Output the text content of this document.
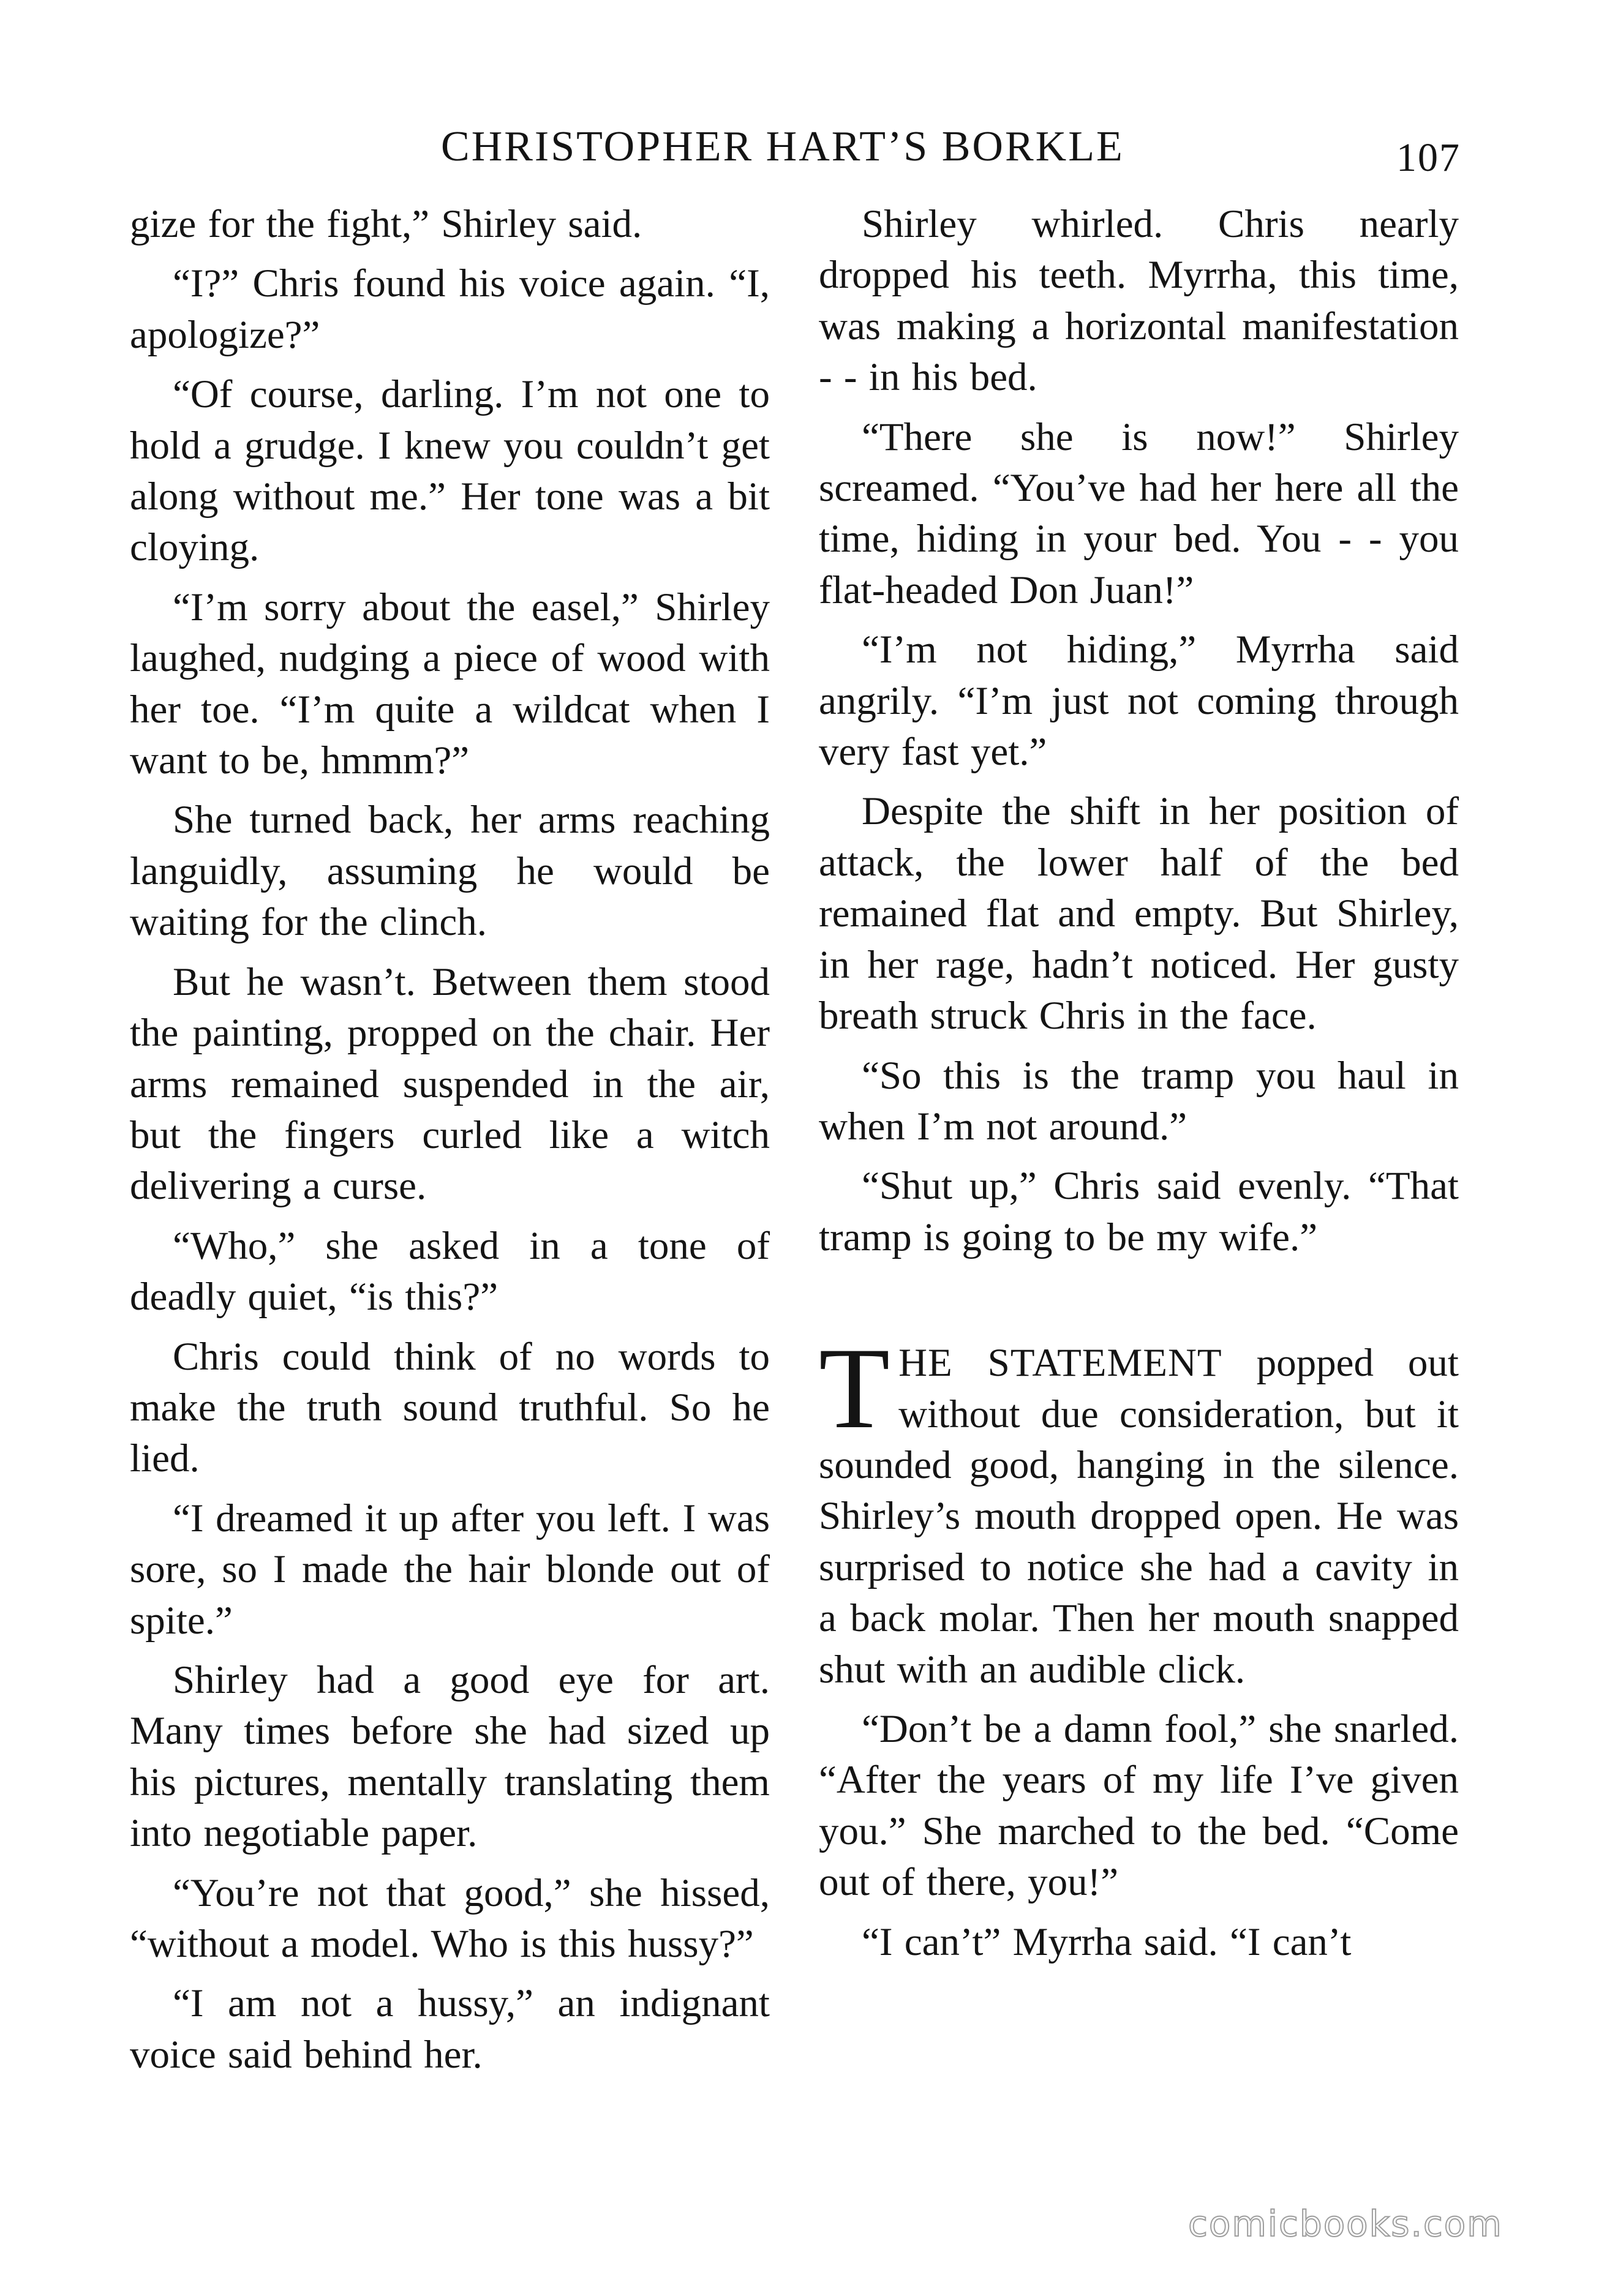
CHRISTOPHER HART’S BORKLE	107

gize for the fight,” Shirley said.

“I?” Chris found his voice again. “I, apologize?”

“Of course, darling. I’m not one to hold a grudge. I knew you couldn’t get along without me.” Her tone was a bit cloying.

“I’m sorry about the easel,” Shirley laughed, nudging a piece of wood with her toe. “I’m quite a wildcat when I want to be, hmmm?”

She turned back, her arms reaching languidly, assuming he would be waiting for the clinch.

But he wasn’t. Between them stood the painting, propped on the chair. Her arms remained suspended in the air, but the fingers curled like a witch delivering a curse.

“Who,” she asked in a tone of deadly quiet, “is this?”

Chris could think of no words to make the truth sound truthful. So he lied.

“I dreamed it up after you left. I was sore, so I made the hair blonde out of spite.”

Shirley had a good eye for art. Many times before she had sized up his pictures, mentally translating them into negotiable paper.

“You’re not that good,” she hissed, “without a model. Who is this hussy?”

“I am not a hussy,” an indignant voice said behind her.

Shirley whirled. Chris nearly dropped his teeth. Myrrha, this time, was making a horizontal manifestation - - in his bed.

“There she is now!” Shirley screamed. “You’ve had her here all the time, hiding in your bed. You - - you flat-headed Don Juan!”

“I’m not hiding,” Myrrha said angrily. “I’m just not coming through very fast yet.”

Despite the shift in her position of attack, the lower half of the bed remained flat and empty. But Shirley, in her rage, hadn’t noticed. Her gusty breath struck Chris in the face.

“So this is the tramp you haul in when I’m not around.”

“Shut up,” Chris said evenly. “That tramp is going to be my wife.”

THE STATEMENT popped out without due consideration, but it sounded good, hanging in the silence. Shirley’s mouth dropped open. He was surprised to notice she had a cavity in a back molar. Then her mouth snapped shut with an audible click.

“Don’t be a damn fool,” she snarled. “After the years of my life I’ve given you.” She marched to the bed. “Come out of there, you!”

“I can’t” Myrrha said. “I can’t

comicbooks.com
